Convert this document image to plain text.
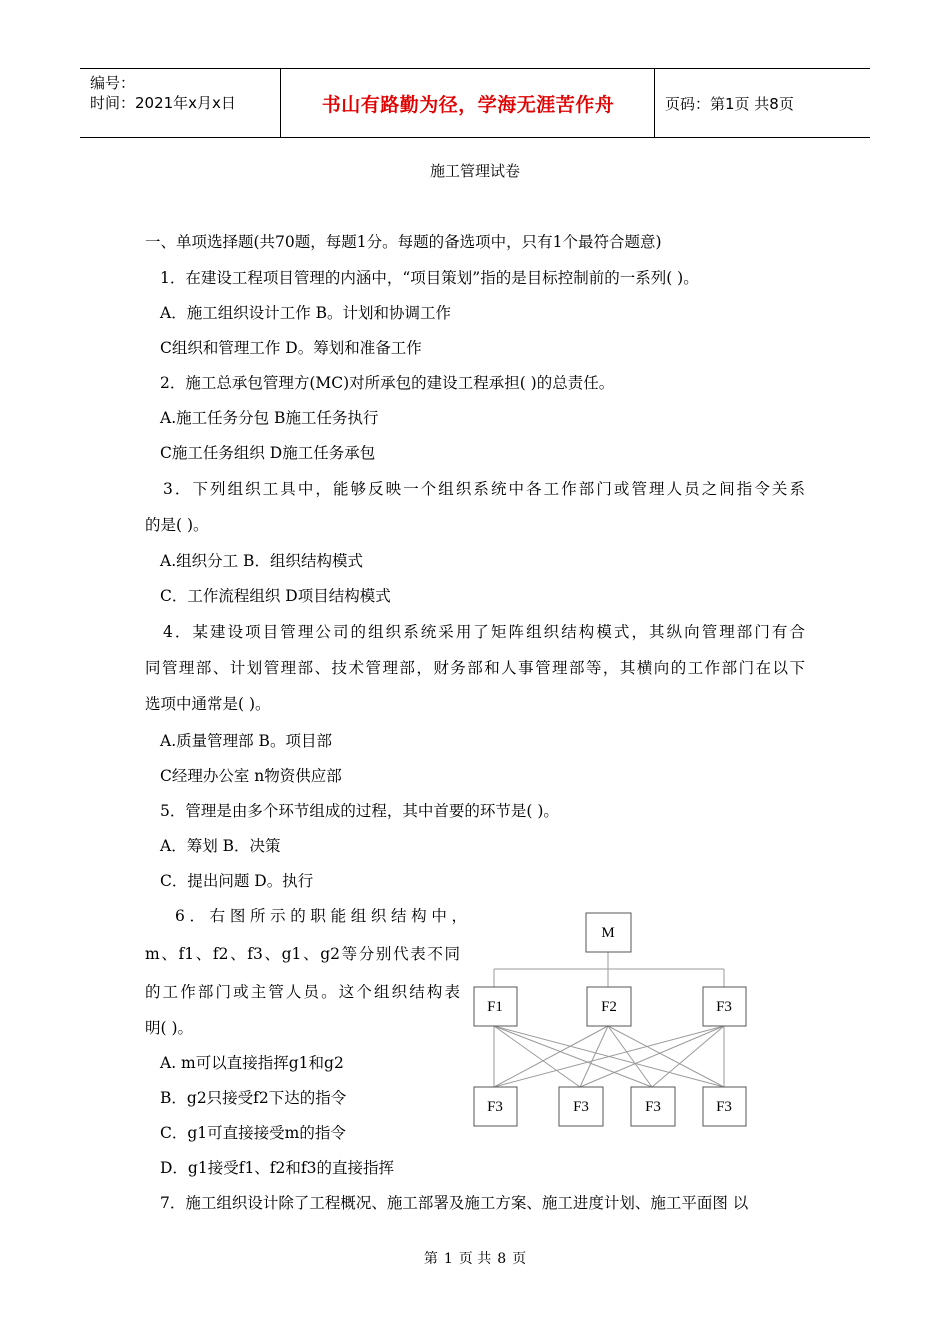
编号：
时间：2021年x月x日	书山有路勤为径，学海无涯苦作舟	页码：第1页 共8页
施工管理试卷
一、单项选择题(共70题，每题1分。每题的备选项中，只有1个最符合题意)
1．在建设工程项目管理的内涵中，“项目策划”指的是目标控制前的一系列( )。
A．施工组织设计工作 B。计划和协调工作
C组织和管理工作 D。筹划和准备工作
2．施工总承包管理方(MC)对所承包的建设工程承担( )的总责任。
A.施工任务分包 B施工任务执行
C施工任务组织 D施工任务承包
3．下列组织工具中，能够反映一个组织系统中各工作部门或管理人员之间指令关系
的是( )。
A.组织分工 B．组织结构模式
C．工作流程组织 D项目结构模式
4．某建设项目管理公司的组织系统采用了矩阵组织结构模式，其纵向管理部门有合
同管理部、计划管理部、技术管理部，财务部和人事管理部等，其横向的工作部门在以下
选项中通常是( )。
A.质量管理部 B。项目部
C经理办公室 n物资供应部
5．管理是由多个环节组成的过程，其中首要的环节是( )。
A．筹划 B．决策
C．提出问题 D。执行
6．右图所示的职能组织结构中，
m、f1、f2、f3、g1、g2等分别代表不同
的工作部门或主管人员。这个组织结构表
明( )。
A. m可以直接指挥g1和g2
B．g2只接受f2下达的指令
C．g1可直接接受m的指令
D．g1接受f1、f2和f3的直接指挥
7．施工组织设计除了工程概况、施工部署及施工方案、施工进度计划、施工平面图 以
M
F1	F2	F3
F3	F3	F3	F3
第 1 页 共 8 页
